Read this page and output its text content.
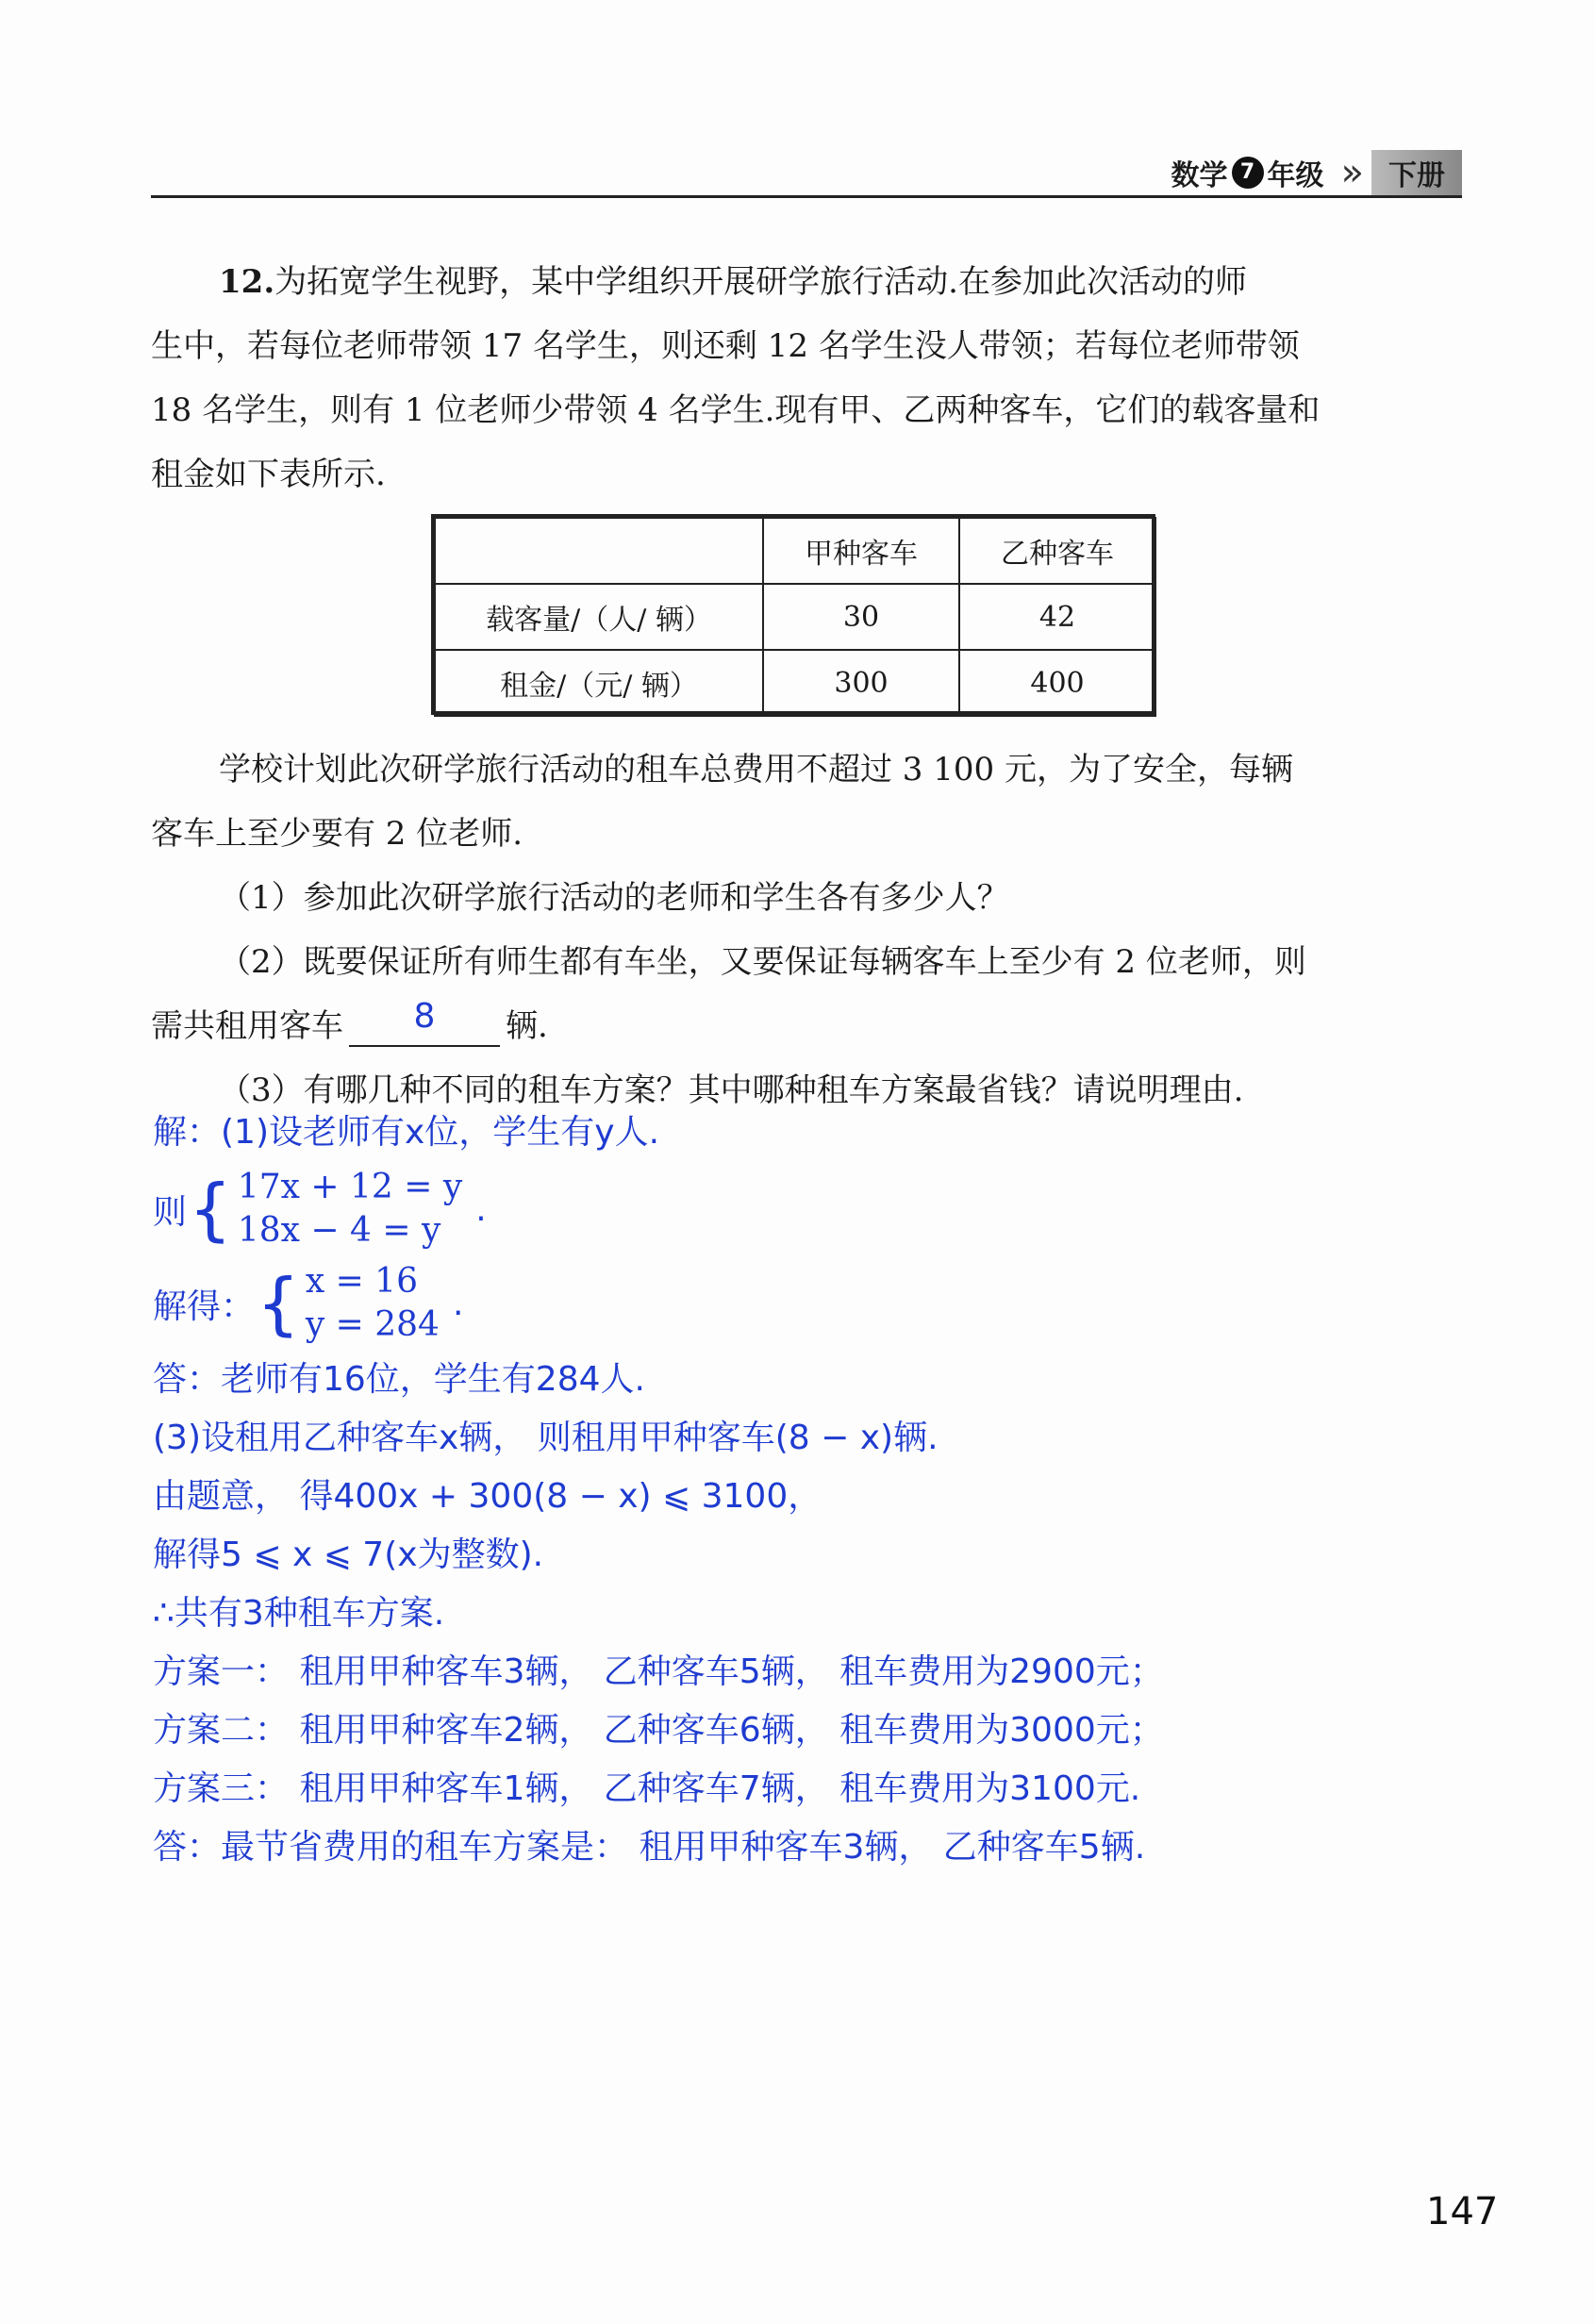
数学 7 年级 »	下册

12.为拓宽学生视野，某中学组织开展研学旅行活动.在参加此次活动的师

生中，若每位老师带领 17 名学生，则还剩 12 名学生没人带领；若每位老师带领

18 名学生，则有 1 位老师少带领 4 名学生.现有甲、乙两种客车，它们的载客量和

租金如下表所示.

	甲种客车	乙种客车
载客量/（人/ 辆）	30	42
租金/（元/ 辆）	300	400

学校计划此次研学旅行活动的租车总费用不超过 3 100 元，为了安全，每辆

客车上至少要有 2 位老师.

（1）参加此次研学旅行活动的老师和学生各有多少人？

（2）既要保证所有师生都有车坐，又要保证每辆客车上至少有 2 位老师，则

需共租用客车 8 辆.

（3）有哪几种不同的租车方案？其中哪种租车方案最省钱？请说明理由.

解：(1)设老师有x位，学生有y人.
则 { 17x + 12 = y
18x − 4 = y
.
解得： { x = 16
y = 284
.
答：老师有16位，学生有284人.
(3)设租用乙种客车x辆， 则租用甲种客车(8 − x)辆.
由题意， 得400x + 300(8 − x) ⩽ 3100，
解得5 ⩽ x ⩽ 7(x为整数).
∴共有3种租车方案.
方案一： 租用甲种客车3辆， 乙种客车5辆， 租车费用为2900元；
方案二： 租用甲种客车2辆， 乙种客车6辆， 租车费用为3000元；
方案三： 租用甲种客车1辆， 乙种客车7辆， 租车费用为3100元.
答：最节省费用的租车方案是： 租用甲种客车3辆， 乙种客车5辆.
147
